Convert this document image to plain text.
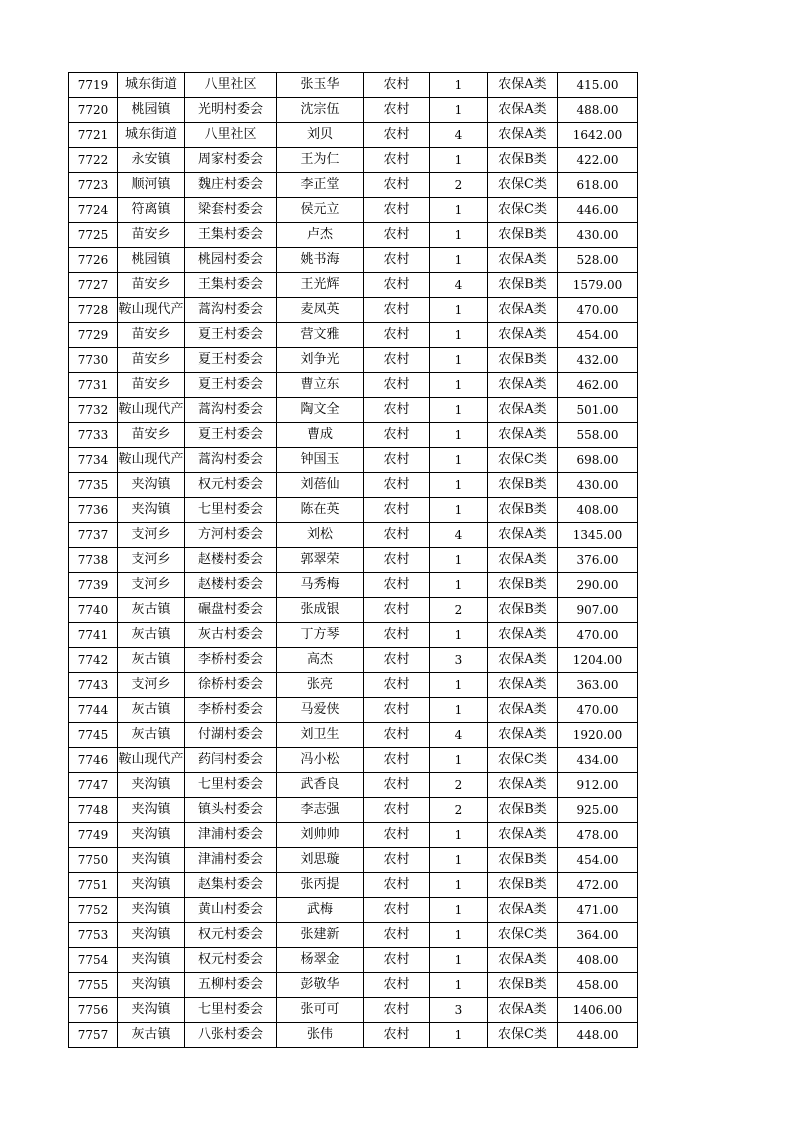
7719	城东街道	八里社区	张玉华	农村	1	农保A类	415.00
7720	桃园镇	光明村委会	沈宗伍	农村	1	农保A类	488.00
7721	城东街道	八里社区	刘贝	农村	4	农保A类	1642.00
7722	永安镇	周家村委会	王为仁	农村	1	农保B类	422.00
7723	顺河镇	魏庄村委会	李正堂	农村	2	农保C类	618.00
7724	符离镇	梁套村委会	侯元立	农村	1	农保C类	446.00
7725	苗安乡	王集村委会	卢杰	农村	1	农保B类	430.00
7726	桃园镇	桃园村委会	姚书海	农村	1	农保A类	528.00
7727	苗安乡	王集村委会	王光辉	农村	4	农保B类	1579.00
7728	鞍山现代产	蒿沟村委会	麦凤英	农村	1	农保A类	470.00
7729	苗安乡	夏王村委会	营文雅	农村	1	农保A类	454.00
7730	苗安乡	夏王村委会	刘争光	农村	1	农保B类	432.00
7731	苗安乡	夏王村委会	曹立东	农村	1	农保A类	462.00
7732	鞍山现代产	蒿沟村委会	陶文全	农村	1	农保A类	501.00
7733	苗安乡	夏王村委会	曹成	农村	1	农保A类	558.00
7734	鞍山现代产	蒿沟村委会	钟国玉	农村	1	农保C类	698.00
7735	夹沟镇	权元村委会	刘蓓仙	农村	1	农保B类	430.00
7736	夹沟镇	七里村委会	陈在英	农村	1	农保B类	408.00
7737	支河乡	方河村委会	刘松	农村	4	农保A类	1345.00
7738	支河乡	赵楼村委会	郭翠荣	农村	1	农保A类	376.00
7739	支河乡	赵楼村委会	马秀梅	农村	1	农保B类	290.00
7740	灰古镇	碾盘村委会	张成银	农村	2	农保B类	907.00
7741	灰古镇	灰古村委会	丁方琴	农村	1	农保A类	470.00
7742	灰古镇	李桥村委会	高杰	农村	3	农保A类	1204.00
7743	支河乡	徐桥村委会	张亮	农村	1	农保A类	363.00
7744	灰古镇	李桥村委会	马爱侠	农村	1	农保A类	470.00
7745	灰古镇	付湖村委会	刘卫生	农村	4	农保A类	1920.00
7746	鞍山现代产	药闫村委会	冯小松	农村	1	农保C类	434.00
7747	夹沟镇	七里村委会	武香良	农村	2	农保A类	912.00
7748	夹沟镇	镇头村委会	李志强	农村	2	农保B类	925.00
7749	夹沟镇	津浦村委会	刘帅帅	农村	1	农保A类	478.00
7750	夹沟镇	津浦村委会	刘思璇	农村	1	农保B类	454.00
7751	夹沟镇	赵集村委会	张丙提	农村	1	农保B类	472.00
7752	夹沟镇	黄山村委会	武梅	农村	1	农保A类	471.00
7753	夹沟镇	权元村委会	张建新	农村	1	农保C类	364.00
7754	夹沟镇	权元村委会	杨翠金	农村	1	农保A类	408.00
7755	夹沟镇	五柳村委会	彭敬华	农村	1	农保B类	458.00
7756	夹沟镇	七里村委会	张可可	农村	3	农保A类	1406.00
7757	灰古镇	八张村委会	张伟	农村	1	农保C类	448.00
